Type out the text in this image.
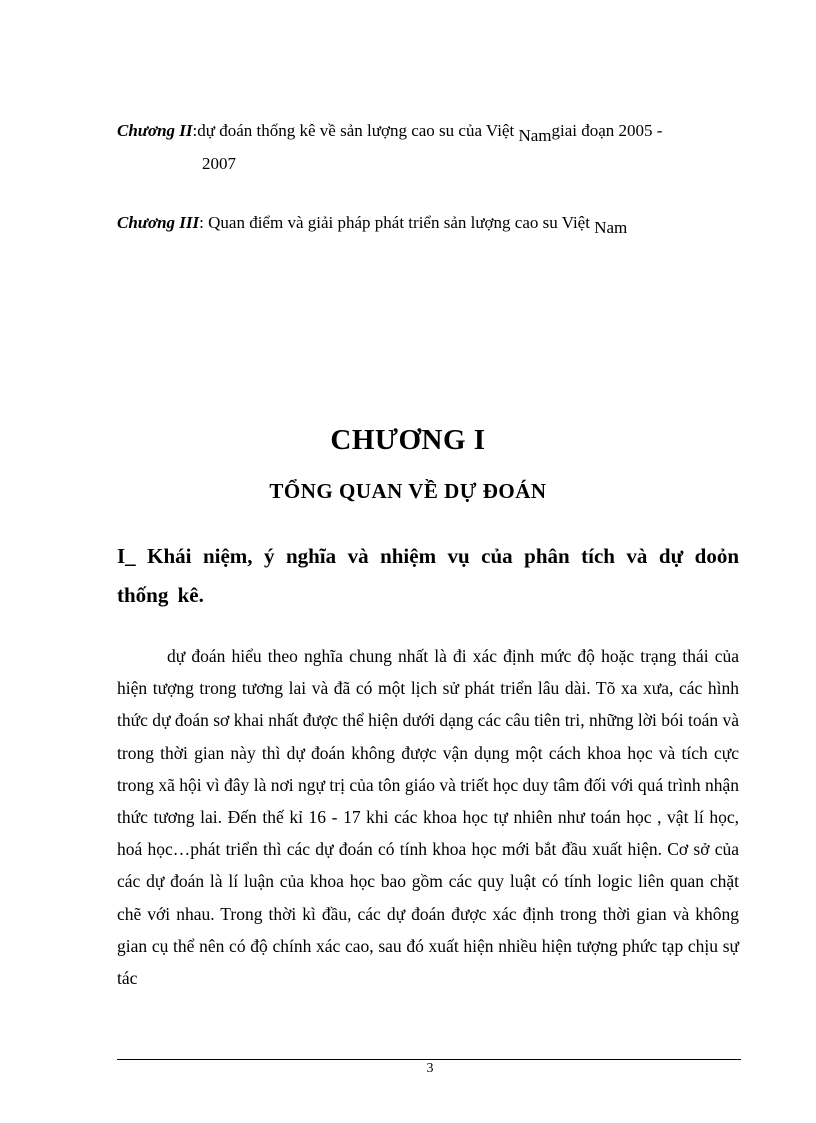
Chương II:dự đoán thống kê về sản lượng cao su của Việt Namgiai đoạn 2005 -
2007
Chương III: Quan điểm và giải pháp phát triển sản lượng cao su Việt Nam
CHƯƠNG I
TỔNG QUAN VỀ DỰ ĐOÁN
I_ Khái niệm, ý nghĩa và nhiệm vụ của phân tích và dự doỏn thống kê.

dự đoán hiểu theo nghĩa chung nhất là đi xác định mức độ hoặc trạng thái của hiện tượng trong tương lai và đã có một lịch sử phát triển lâu dài. Tõ xa xưa, các hình thức dự đoán sơ khai nhất được thể hiện dưới dạng các câu tiên tri, những lời bói toán và trong thời gian này thì dự đoán không được vận dụng một cách khoa học và tích cực trong xã hội vì đây là nơi ngự trị của tôn giáo và triết học duy tâm đối với quá trình nhận thức tương lai. Đến thế kỉ 16 - 17 khi các khoa học tự nhiên như toán học , vật lí học, hoá học…phát triển thì các dự đoán có tính khoa học mới bắt đầu xuất hiện. Cơ sở của các dự đoán là lí luận của khoa học bao gồm các quy luật có tính logic liên quan chặt chẽ với nhau. Trong thời kì đầu, các dự đoán được xác định trong thời gian và không gian cụ thể nên có độ chính xác cao, sau đó xuất hiện nhiều hiện tượng phức tạp chịu sự tác

3
